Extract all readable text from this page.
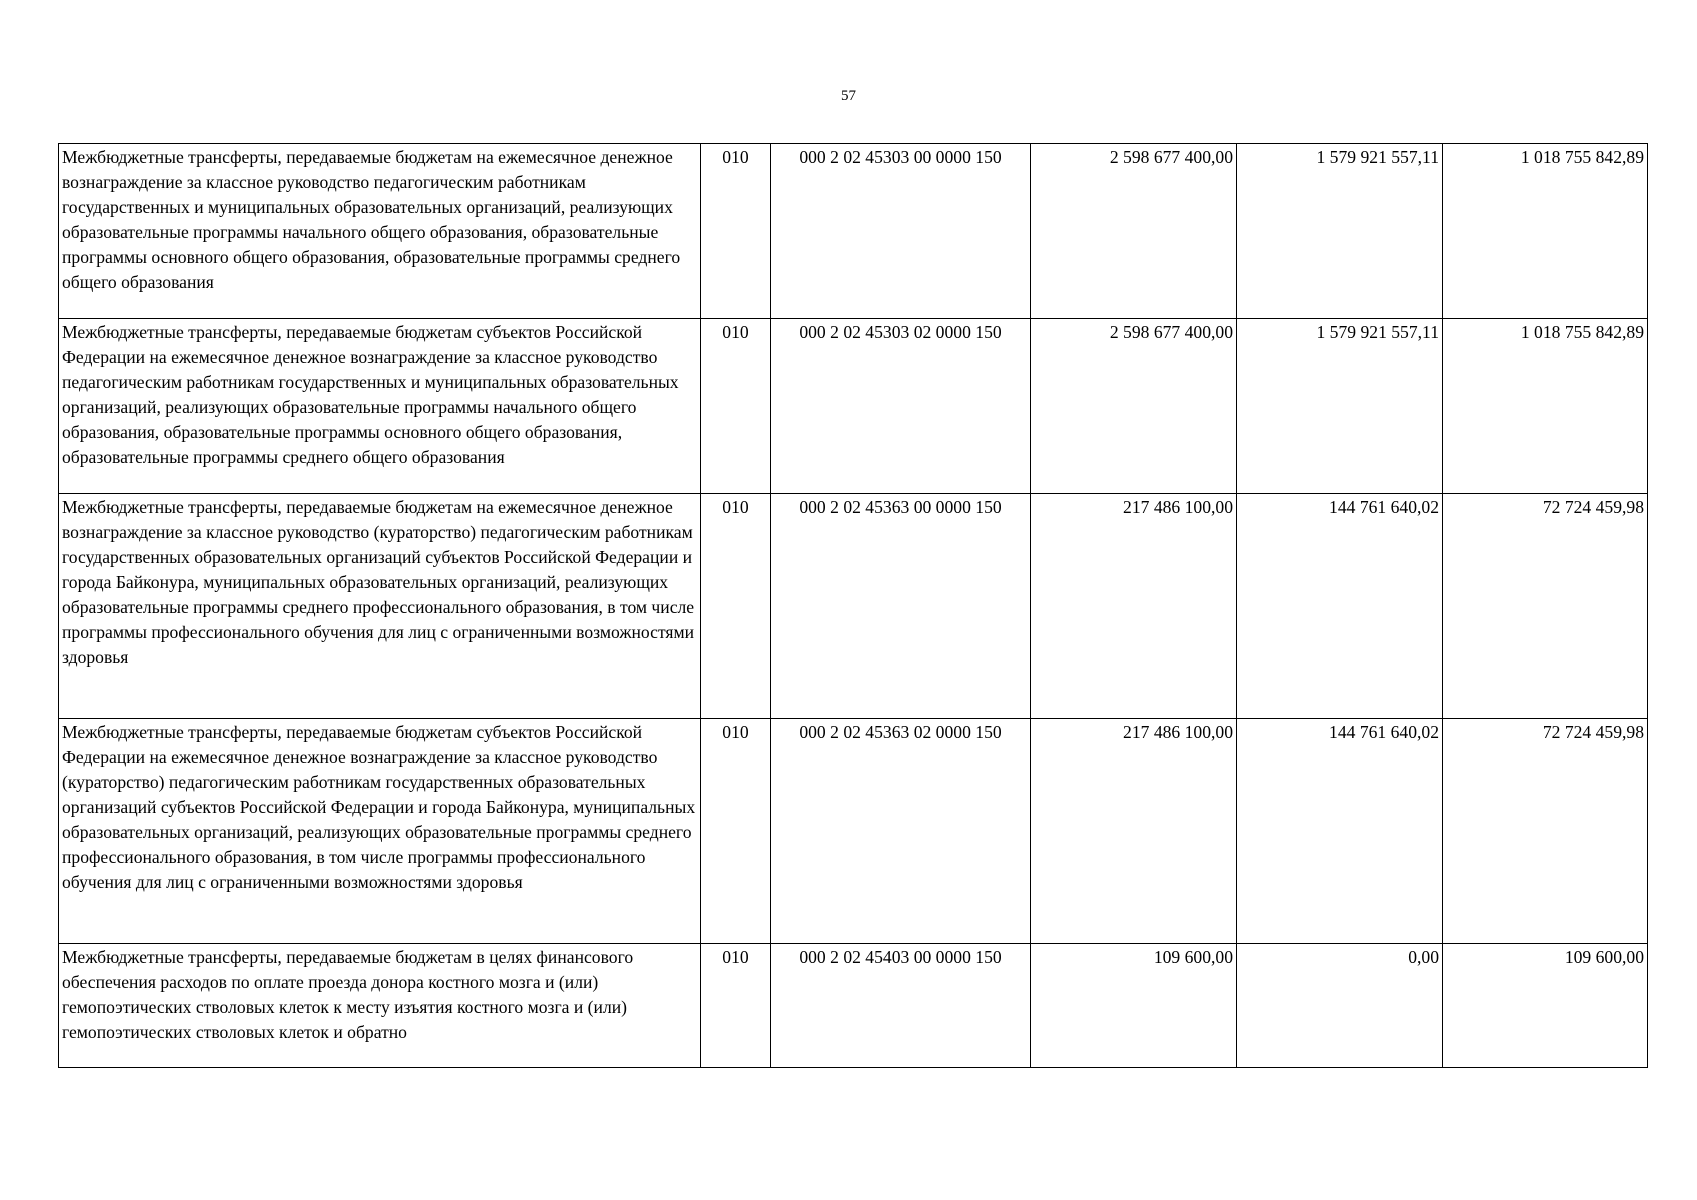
57
Межбюджетные трансферты, передаваемые бюджетам на ежемесячное денежное вознаграждение за классное руководство педагогическим работникам государственных и муниципальных образовательных организаций, реализующих образовательные программы начального общего образования, образовательные программы основного общего образования, образовательные программы среднего общего образования	010	000 2 02 45303 00 0000 150	2 598 677 400,00	1 579 921 557,11	1 018 755 842,89
Межбюджетные трансферты, передаваемые бюджетам субъектов Российской Федерации на ежемесячное денежное вознаграждение за классное руководство педагогическим работникам государственных и муниципальных образовательных организаций, реализующих образовательные программы начального общего образования, образовательные программы основного общего образования, образовательные программы среднего общего образования	010	000 2 02 45303 02 0000 150	2 598 677 400,00	1 579 921 557,11	1 018 755 842,89
Межбюджетные трансферты, передаваемые бюджетам на ежемесячное денежное вознаграждение за классное руководство (кураторство) педагогическим работникам государственных образовательных организаций субъектов Российской Федерации и города Байконура, муниципальных образовательных организаций, реализующих образовательные программы среднего профессионального образования, в том числе программы профессионального обучения для лиц с ограниченными возможностями здоровья	010	000 2 02 45363 00 0000 150	217 486 100,00	144 761 640,02	72 724 459,98
Межбюджетные трансферты, передаваемые бюджетам субъектов Российской Федерации на ежемесячное денежное вознаграждение за классное руководство (кураторство) педагогическим работникам государственных образовательных организаций субъектов Российской Федерации и города Байконура, муниципальных образовательных организаций, реализующих образовательные программы среднего профессионального образования, в том числе программы профессионального обучения для лиц с ограниченными возможностями здоровья	010	000 2 02 45363 02 0000 150	217 486 100,00	144 761 640,02	72 724 459,98
Межбюджетные трансферты, передаваемые бюджетам в целях финансового обеспечения расходов по оплате проезда донора костного мозга и (или) гемопоэтических стволовых клеток к месту изъятия костного мозга и (или) гемопоэтических стволовых клеток и обратно	010	000 2 02 45403 00 0000 150	109 600,00	0,00	109 600,00
